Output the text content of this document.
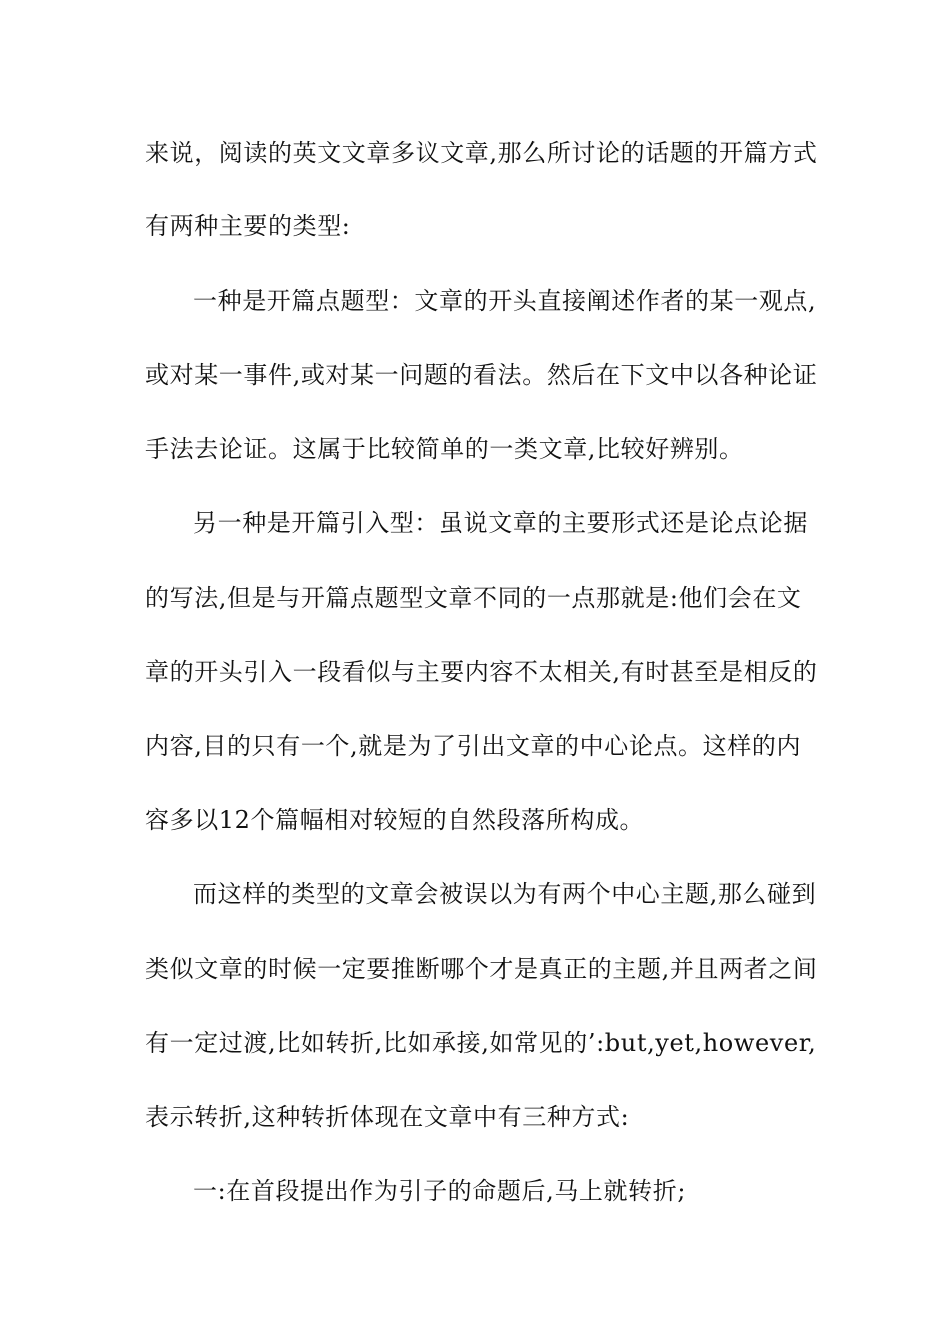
来说，阅读的英文文章多议文章,那么所讨论的话题的开篇方式
有两种主要的类型:
一种是开篇点题型：文章的开头直接阐述作者的某一观点,
或对某一事件,或对某一问题的看法。然后在下文中以各种论证
手法去论证。这属于比较简单的一类文章,比较好辨别。
另一种是开篇引入型：虽说文章的主要形式还是论点论据
的写法,但是与开篇点题型文章不同的一点那就是:他们会在文
章的开头引入一段看似与主要内容不太相关,有时甚至是相反的
内容,目的只有一个,就是为了引出文章的中心论点。这样的内
容多以12个篇幅相对较短的自然段落所构成。
而这样的类型的文章会被误以为有两个中心主题,那么碰到
类似文章的时候一定要推断哪个才是真正的主题,并且两者之间
有一定过渡,比如转折,比如承接,如常见的’:but,yet,however,
表示转折,这种转折体现在文章中有三种方式:
一:在首段提出作为引子的命题后,马上就转折;
